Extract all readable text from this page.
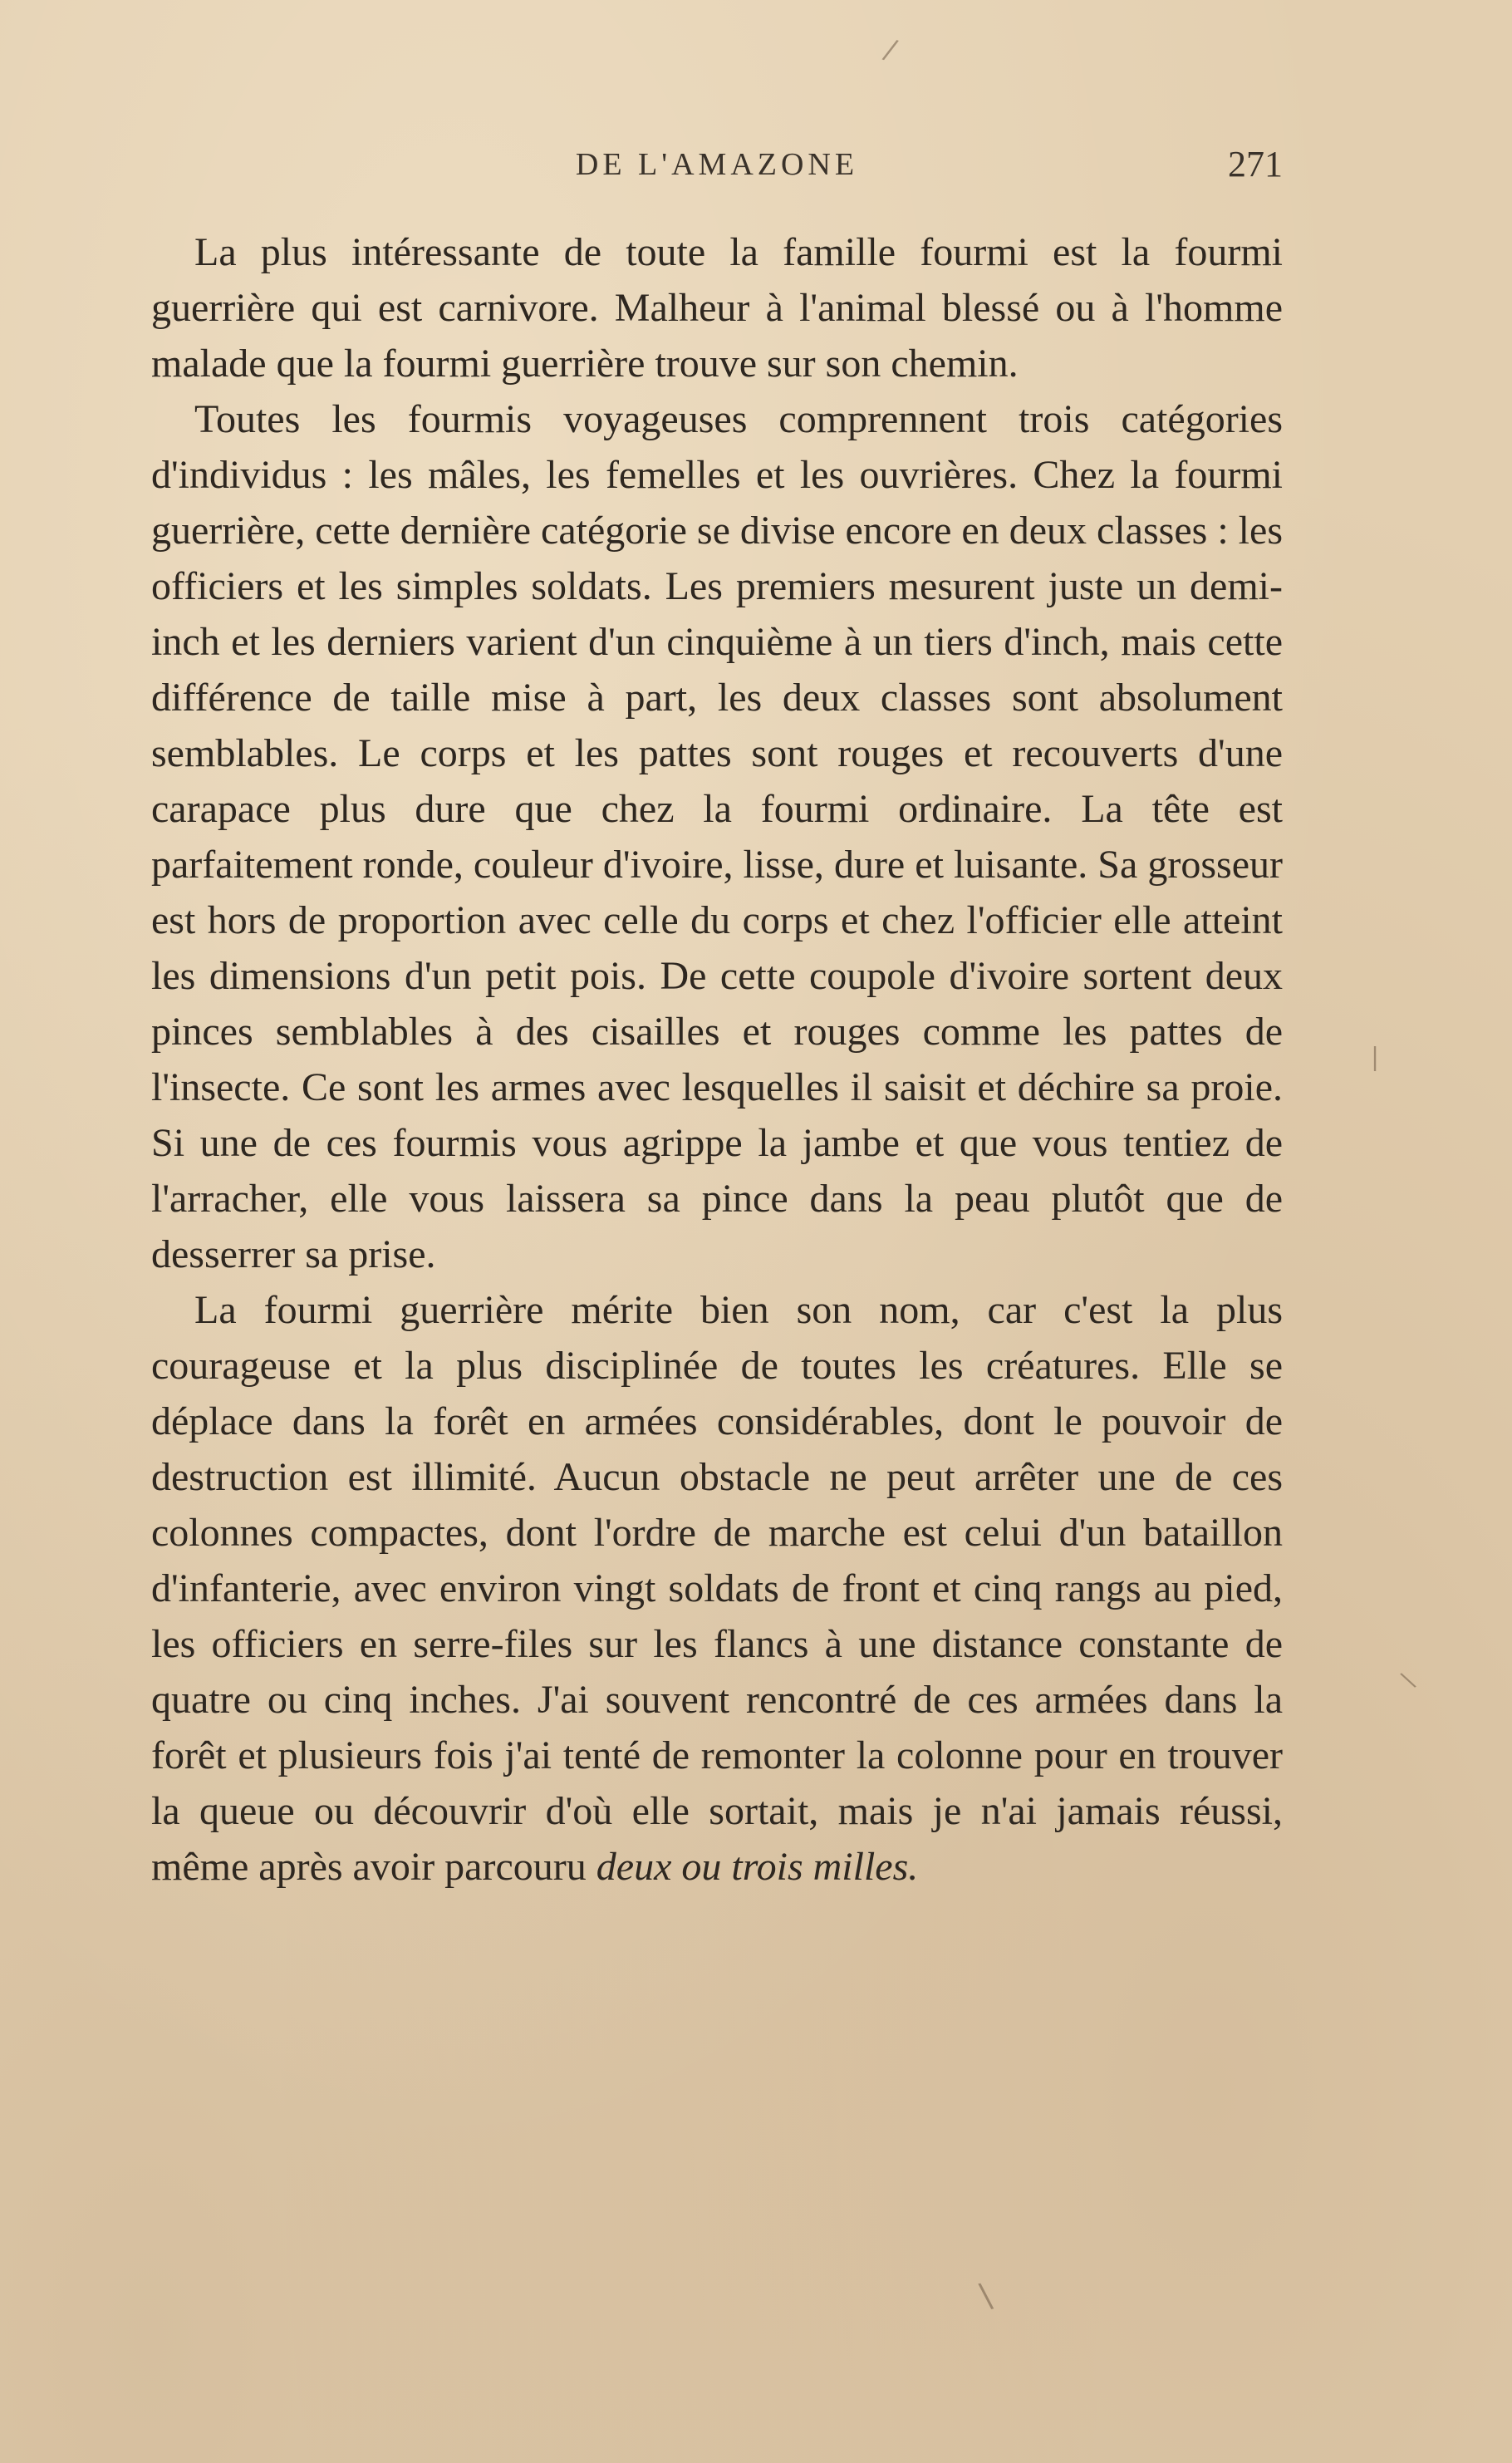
DE L'AMAZONE	271

La plus intéressante de toute la famille fourmi est la fourmi guerrière qui est carnivore. Malheur à l'animal blessé ou à l'homme malade que la fourmi guerrière trouve sur son chemin.

Toutes les fourmis voyageuses comprennent trois catégories d'individus : les mâles, les femelles et les ouvrières. Chez la fourmi guerrière, cette dernière catégorie se divise encore en deux classes : les officiers et les simples soldats. Les premiers mesurent juste un demi-inch et les derniers varient d'un cinquième à un tiers d'inch, mais cette différence de taille mise à part, les deux classes sont absolument semblables. Le corps et les pattes sont rouges et recouverts d'une carapace plus dure que chez la fourmi ordinaire. La tête est parfaitement ronde, couleur d'ivoire, lisse, dure et luisante. Sa grosseur est hors de proportion avec celle du corps et chez l'officier elle atteint les dimensions d'un petit pois. De cette coupole d'ivoire sortent deux pinces semblables à des cisailles et rouges comme les pattes de l'insecte. Ce sont les armes avec lesquelles il saisit et déchire sa proie. Si une de ces fourmis vous agrippe la jambe et que vous tentiez de l'arracher, elle vous laissera sa pince dans la peau plutôt que de desserrer sa prise.

La fourmi guerrière mérite bien son nom, car c'est la plus courageuse et la plus disciplinée de toutes les créatures. Elle se déplace dans la forêt en armées considérables, dont le pouvoir de destruction est illimité. Aucun obstacle ne peut arrêter une de ces colonnes compactes, dont l'ordre de marche est celui d'un bataillon d'infanterie, avec environ vingt soldats de front et cinq rangs au pied, les officiers en serre-files sur les flancs à une distance constante de quatre ou cinq inches. J'ai souvent rencontré de ces armées dans la forêt et plusieurs fois j'ai tenté de remonter la colonne pour en trouver la queue ou découvrir d'où elle sortait, mais je n'ai jamais réussi, même après avoir parcouru deux ou trois milles.

/
|
\
\
